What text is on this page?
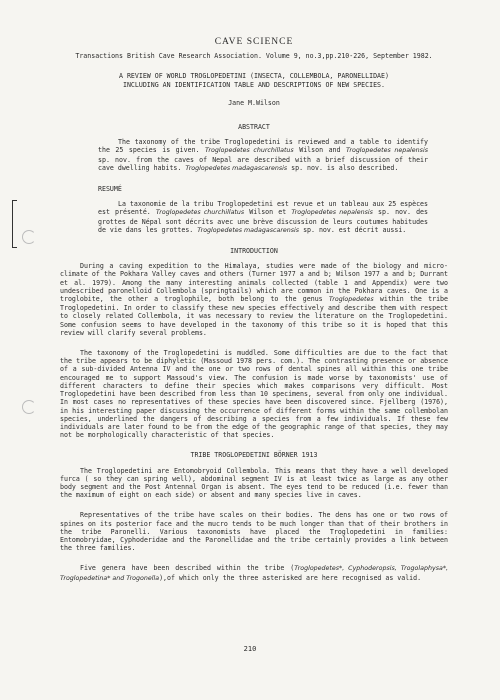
CAVE SCIENCE
Transactions British Cave Research Association. Volume 9, no.3,pp.210-226, September 1982.
A REVIEW OF WORLD TROGLOPEDETINI (INSECTA, COLLEMBOLA, PARONELLIDAE)
INCLUDING AN IDENTIFICATION TABLE AND DESCRIPTIONS OF NEW SPECIES.
Jane M.Wilson
ABSTRACT

The taxonomy of the tribe Troglopedetini is reviewed and a table to identify the 25 species is given. Troglopedetes churchillatus Wilson and Troglopedetes nepalensis sp. nov. from the caves of Nepal are described with a brief discussion of their cave dwelling habits. Troglopedetes madagascarensis sp. nov. is also described.

RESUMÉ

La taxonomie de la tribu Troglopedetini est revue et un tableau aux 25 espèces est présenté. Troglopedetes churchillatus Wilson et Troglopedetes nepalensis sp. nov. des grottes de Népal sont décrits avec une brève discussion de leurs coutumes habitudes de vie dans les grottes. Troglopedetes madagascarensis sp. nov. est décrit aussi.

INTRODUCTION

During a caving expedition to the Himalaya, studies were made of the biology and micro-climate of the Pokhara Valley caves and others (Turner 1977 a and b; Wilson 1977 a and b; Durrant et al. 1979). Among the many interesting animals collected (table 1 and Appendix) were two undescribed paronelloid Collembola (springtails) which are common in the Pokhara caves. One is a troglobite, the other a troglophile, both belong to the genus Troglopedetes within the tribe Troglopedetini. In order to classify these new species effectively and describe them with respect to closely related Collembola, it was necessary to review the literature on the Troglopedetini. Some confusion seems to have developed in the taxonomy of this tribe so it is hoped that this review will clarify several problems.

The taxonomy of the Troglopedetini is muddled. Some difficulties are due to the fact that the tribe appears to be diphyletic (Massoud 1978 pers. com.). The contrasting presence or absence of a sub-divided Antenna IV and the one or two rows of dental spines all within this one tribe encouraged me to support Massoud's view. The confusion is made worse by taxonomists' use of different characters to define their species which makes comparisons very difficult. Most Troglopedetini have been described from less than 10 specimens, several from only one individual. In most cases no representatives of these species have been discovered since. Fjellberg (1976), in his interesting paper discussing the occurrence of different forms within the same collembolan species, underlined the dangers of describing a species from a few individuals. If these few individuals are later found to be from the edge of the geographic range of that species, they may not be morphologically characteristic of that species.

TRIBE TROGLOPEDETINI BÖRNER 1913

The Troglopedetini are Entomobryoid Collembola. This means that they have a well developed furca ( so they can spring well), abdominal segment IV is at least twice as large as any other body segment and the Post Antennal Organ is absent. The eyes tend to be reduced (i.e. fewer than the maximum of eight on each side) or absent and many species live in caves.

Representatives of the tribe have scales on their bodies. The dens has one or two rows of spines on its posterior face and the mucro tends to be much longer than that of their brothers in the tribe Paronelli. Various taxonomists have placed the Troglopedetini in families: Entomobryidae, Cyphoderidae and the Paronellidae and the tribe certainly provides a link between the three families.

Five genera have been described within the tribe (Troglopedetes*, Cyphoderopsis, Trogolaphysa*, Troglopedetina* and Trogonella),of which only the three asterisked are here recognised as valid.

210
